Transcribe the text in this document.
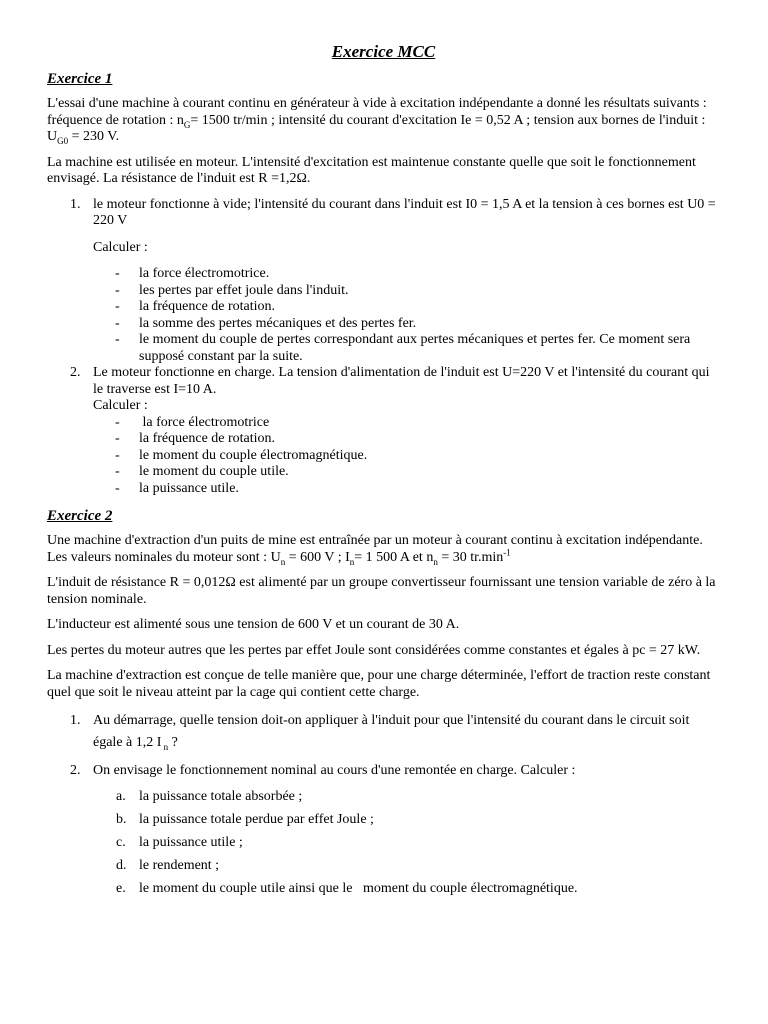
Exercice MCC
Exercice 1

L'essai d'une machine à courant continu en générateur à vide à excitation indépendante a donné les résultats suivants : fréquence de rotation : $n_G= 1500$ tr/min ; intensité du courant d'excitation Ie = 0,52 A ; tension aux bornes de l'induit : $U_{G0} = 230$ V.

La machine est utilisée en moteur. L'intensité d'excitation est maintenue constante quelle que soit le fonctionnement envisagé. La résistance de l'induit est R =1,2Ω.

1. le moteur fonctionne à vide; l'intensité du courant dans l'induit est I0 = 1,5 A et la tension à ces bornes est U0 = 220 V
Calculer :
- la force électromotrice.
- les pertes par effet joule dans l'induit.
- la fréquence de rotation.
- la somme des pertes mécaniques et des pertes fer.
- le moment du couple de pertes correspondant aux pertes mécaniques et pertes fer. Ce moment sera supposé constant par la suite.
2. Le moteur fonctionne en charge. La tension d'alimentation de l'induit est U=220 V et l'intensité du courant qui le traverse est I=10 A.
Calculer :
- la force électromotrice
- la fréquence de rotation.
- le moment du couple électromagnétique.
- le moment du couple utile.
- la puissance utile.
Exercice 2

Une machine d'extraction d'un puits de mine est entraînée par un moteur à courant continu à excitation indépendante. Les valeurs nominales du moteur sont : $U_n = 600$ V ; $I_n= 1$ 500 A et $n_n = 30$ $tr.\min^{-1}$

L'induit de résistance R = 0,012Ω est alimenté par un groupe convertisseur fournissant une tension variable de zéro à la tension nominale.

L'inducteur est alimenté sous une tension de 600 V et un courant de 30 A.

Les pertes du moteur autres que les pertes par effet Joule sont considérées comme constantes et égales à pc = 27 kW.

La machine d'extraction est conçue de telle manière que, pour une charge déterminée, l'effort de traction reste constant quel que soit le niveau atteint par la cage qui contient cette charge.

1. Au démarrage, quelle tension doit-on appliquer à l'induit pour que l'intensité du courant dans le circuit soit égale à 1,2 I $_n$ ?
2. On envisage le fonctionnement nominal au cours d'une remontée en charge. Calculer :
a. la puissance totale absorbée ;
b. la puissance totale perdue par effet Joule ;
c. la puissance utile ;
d. le rendement ;
e. le moment du couple utile ainsi que le   moment du couple électromagnétique.
